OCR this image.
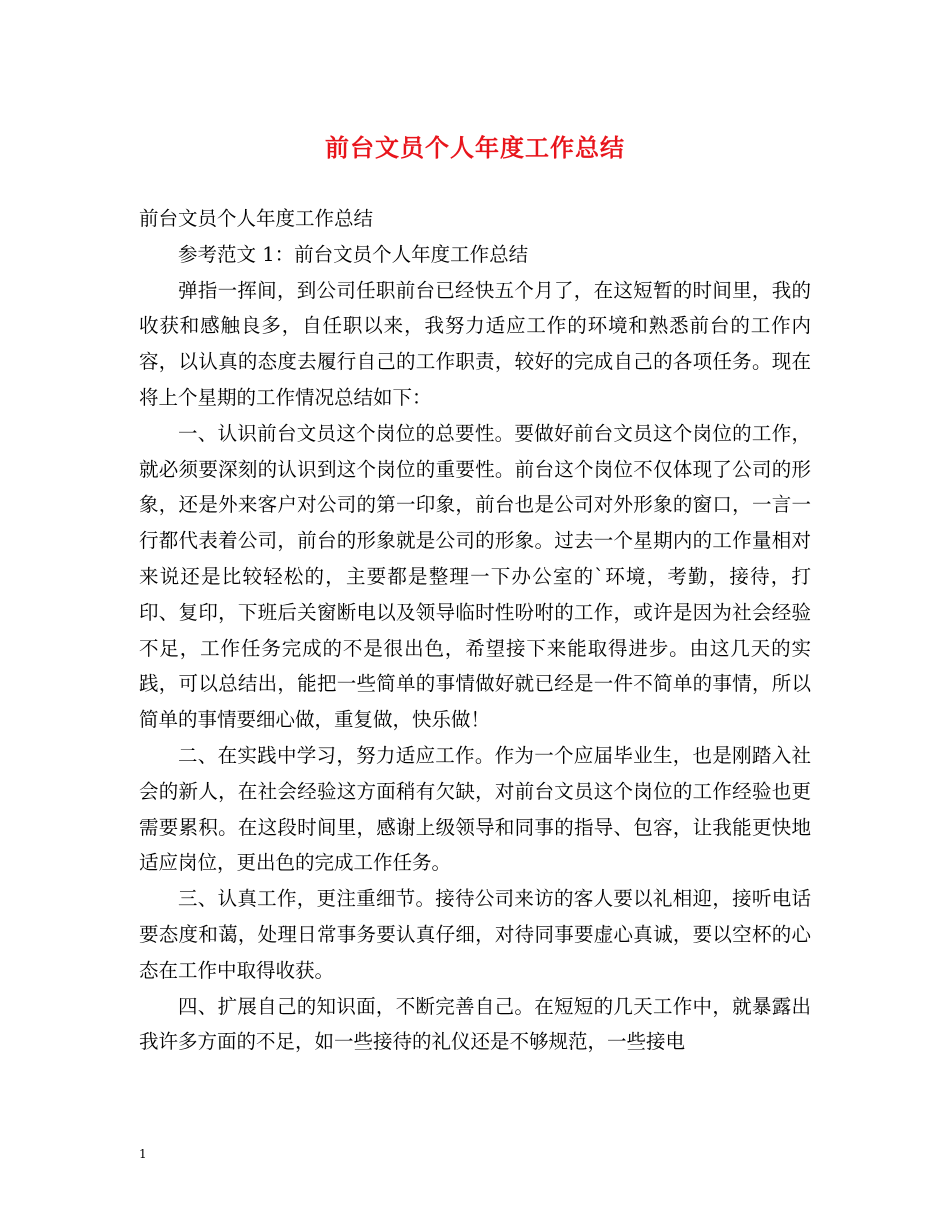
前台文员个人年度工作总结

前台文员个人年度工作总结

参考范文 1：前台文员个人年度工作总结

弹指一挥间，到公司任职前台已经快五个月了，在这短暂的时间里，我的收获和感触良多，自任职以来，我努力适应工作的环境和熟悉前台的工作内容，以认真的态度去履行自己的工作职责，较好的完成自己的各项任务。现在将上个星期的工作情况总结如下：

一、认识前台文员这个岗位的总要性。要做好前台文员这个岗位的工作，就必须要深刻的认识到这个岗位的重要性。前台这个岗位不仅体现了公司的形象，还是外来客户对公司的第一印象，前台也是公司对外形象的窗口，一言一行都代表着公司，前台的形象就是公司的形象。过去一个星期内的工作量相对来说还是比较轻松的，主要都是整理一下办公室的`环境，考勤，接待，打印、复印，下班后关窗断电以及领导临时性吩咐的工作，或许是因为社会经验不足，工作任务完成的不是很出色，希望接下来能取得进步。由这几天的实践，可以总结出，能把一些简单的事情做好就已经是一件不简单的事情，所以简单的事情要细心做，重复做，快乐做！

二、在实践中学习，努力适应工作。作为一个应届毕业生，也是刚踏入社会的新人，在社会经验这方面稍有欠缺，对前台文员这个岗位的工作经验也更需要累积。在这段时间里，感谢上级领导和同事的指导、包容，让我能更快地适应岗位，更出色的完成工作任务。

三、认真工作，更注重细节。接待公司来访的客人要以礼相迎，接听电话要态度和蔼，处理日常事务要认真仔细，对待同事要虚心真诚，要以空杯的心态在工作中取得收获。

四、扩展自己的知识面，不断完善自己。在短短的几天工作中，就暴露出我许多方面的不足，如一些接待的礼仪还是不够规范，一些接电

1
